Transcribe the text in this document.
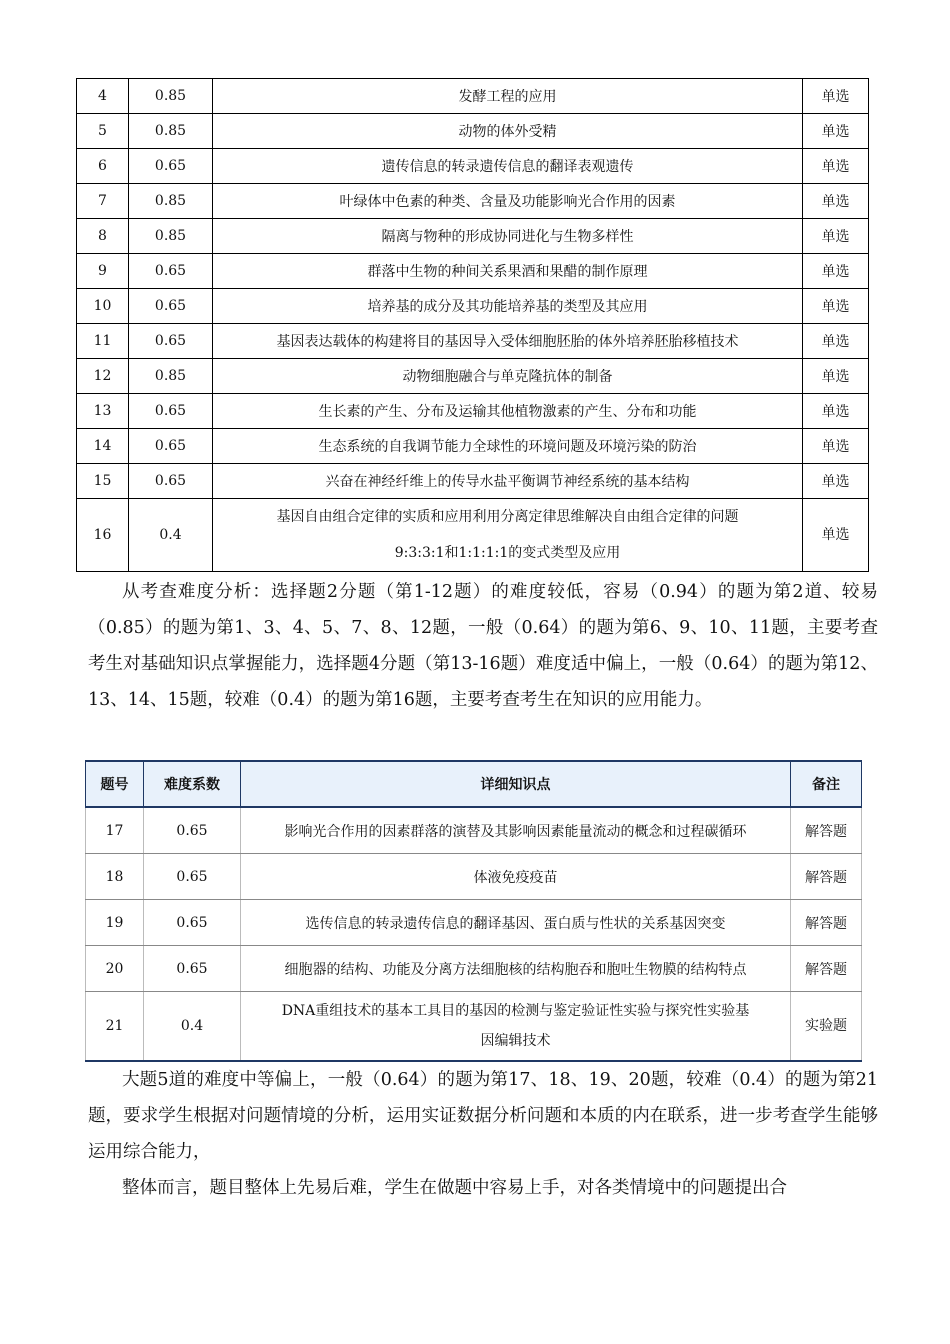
4	0.85	发酵工程的应用	单选
5	0.85	动物的体外受精	单选
6	0.65	遗传信息的转录遗传信息的翻译表观遗传	单选
7	0.85	叶绿体中色素的种类、含量及功能影响光合作用的因素	单选
8	0.85	隔离与物种的形成协同进化与生物多样性	单选
9	0.65	群落中生物的种间关系果酒和果醋的制作原理	单选
10	0.65	培养基的成分及其功能培养基的类型及其应用	单选
11	0.65	基因表达载体的构建将目的基因导入受体细胞胚胎的体外培养胚胎移植技术	单选
12	0.85	动物细胞融合与单克隆抗体的制备	单选
13	0.65	生长素的产生、分布及运输其他植物激素的产生、分布和功能	单选
14	0.65	生态系统的自我调节能力全球性的环境问题及环境污染的防治	单选
15	0.65	兴奋在神经纤维上的传导水盐平衡调节神经系统的基本结构	单选
16	0.4	基因自由组合定律的实质和应用利用分离定律思维解决自由组合定律的问题
9:3:3:1和1:1:1:1的变式类型及应用	单选

从考查难度分析：选择题2分题（第1-12题）的难度较低，容易（0.94）的题为第2道、较易（0.85）的题为第1、3、4、5、7、8、12题，一般（0.64）的题为第6、9、10、11题，主要考查考生对基础知识点掌握能力，选择题4分题（第13-16题）难度适中偏上，一般（0.64）的题为第12、13、14、15题，较难（0.4）的题为第16题，主要考查考生在知识的应用能力。

题号	难度系数	详细知识点	备注
17	0.65	影响光合作用的因素群落的演替及其影响因素能量流动的概念和过程碳循环	解答题
18	0.65	体液免疫疫苗	解答题
19	0.65	选传信息的转录遗传信息的翻译基因、蛋白质与性状的关系基因突变	解答题
20	0.65	细胞器的结构、功能及分离方法细胞核的结构胞吞和胞吐生物膜的结构特点	解答题
21	0.4	DNA重组技术的基本工具目的基因的检测与鉴定验证性实验与探究性实验基
因编辑技术	实验题

大题5道的难度中等偏上，一般（0.64）的题为第17、18、19、20题，较难（0.4）的题为第21题，要求学生根据对问题情境的分析，运用实证数据分析问题和本质的内在联系，进一步考查学生能够运用综合能力，

整体而言，题目整体上先易后难，学生在做题中容易上手，对各类情境中的问题提出合
